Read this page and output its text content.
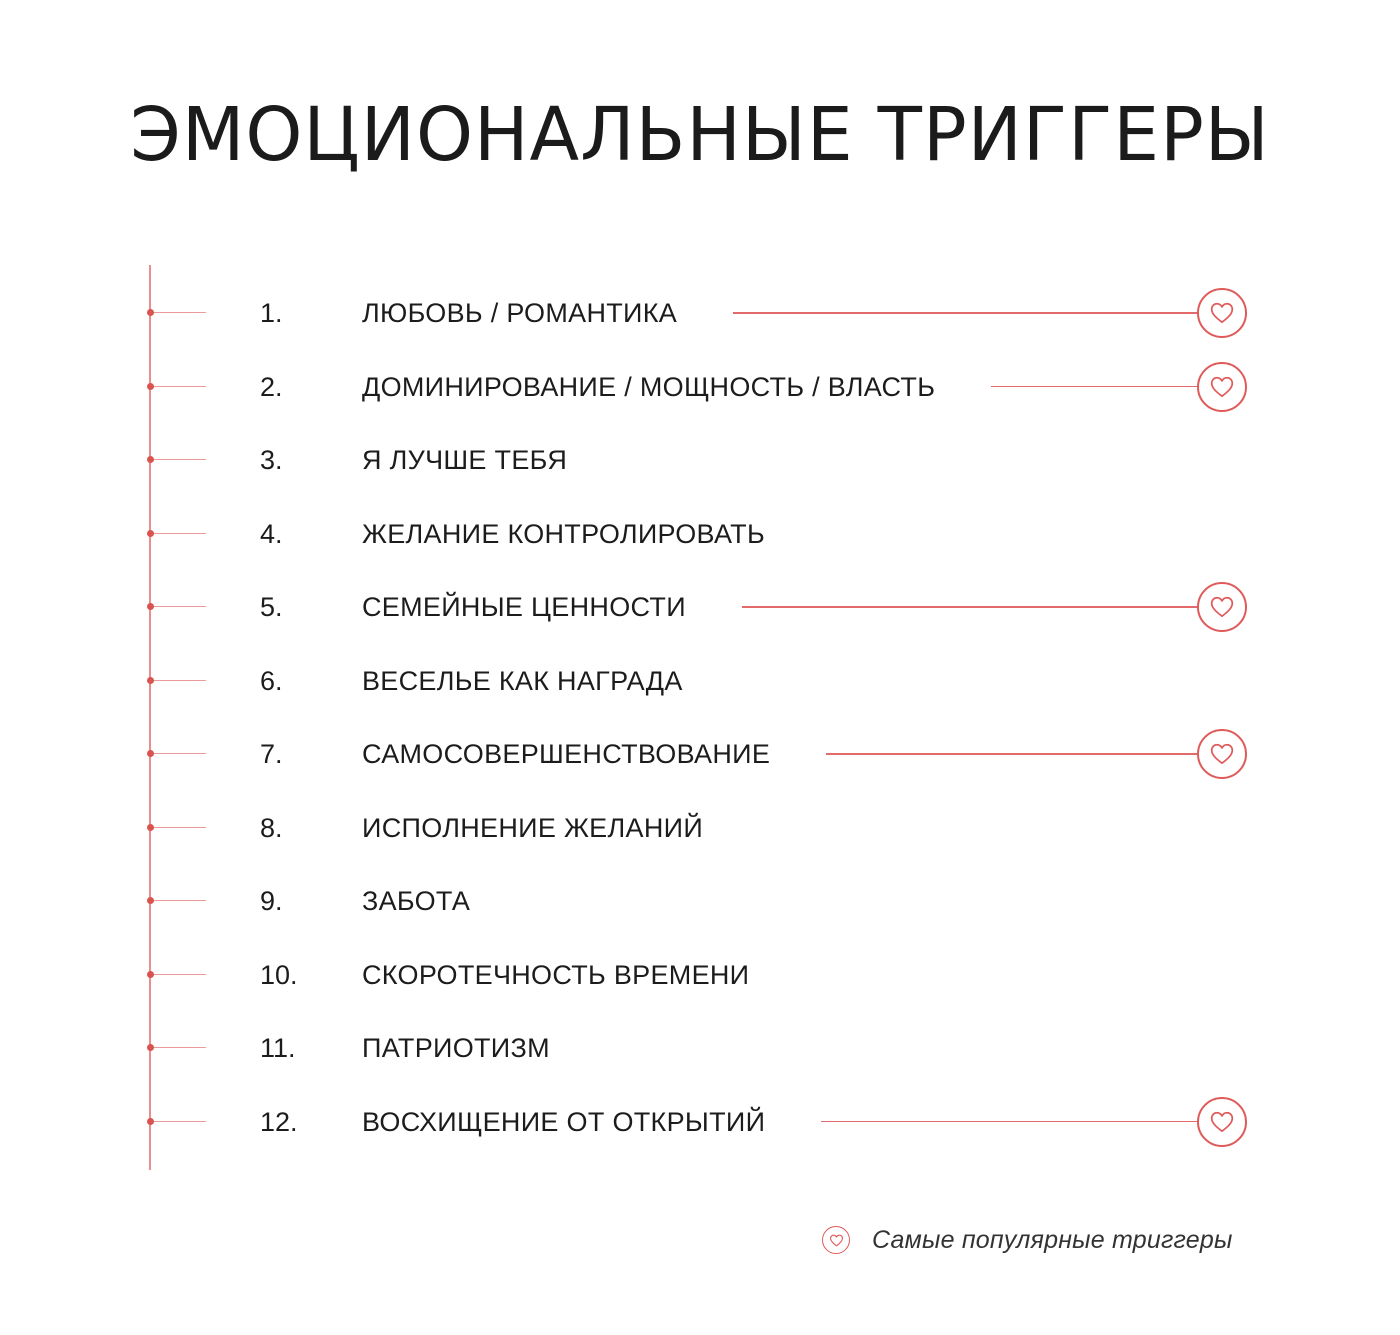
ЭМОЦИОНАЛЬНЫЕ ТРИГГЕРЫ
1.	ЛЮБОВЬ / РОМАНТИКА
2.	ДОМИНИРОВАНИЕ / МОЩНОСТЬ / ВЛАСТЬ
3.	Я ЛУЧШЕ ТЕБЯ
4.	ЖЕЛАНИЕ КОНТРОЛИРОВАТЬ
5.	СЕМЕЙНЫЕ ЦЕННОСТИ
6.	ВЕСЕЛЬЕ КАК НАГРАДА
7.	САМОСОВЕРШЕНСТВОВАНИЕ
8.	ИСПОЛНЕНИЕ ЖЕЛАНИЙ
9.	ЗАБОТА
10. СКОРОТЕЧНОСТЬ ВРЕМЕНИ
11. ПАТРИОТИЗМ
12. ВОСХИЩЕНИЕ ОТ ОТКРЫТИЙ
Самые популярные триггеры
